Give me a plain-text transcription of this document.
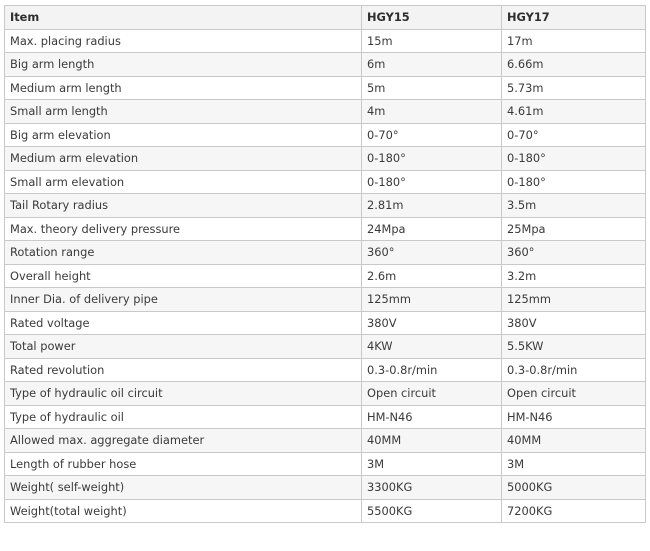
Item	HGY15	HGY17
Max. placing radius	15m	17m
Big arm length	6m	6.66m
Medium arm length	5m	5.73m
Small arm length	4m	4.61m
Big arm elevation	0-70°	0-70°
Medium arm elevation	0-180°	0-180°
Small arm elevation	0-180°	0-180°
Tail Rotary radius	2.81m	3.5m
Max. theory delivery pressure	24Mpa	25Mpa
Rotation range	360°	360°
Overall height	2.6m	3.2m
Inner Dia. of delivery pipe	125mm	125mm
Rated voltage	380V	380V
Total power	4KW	5.5KW
Rated revolution	0.3-0.8r/min	0.3-0.8r/min
Type of hydraulic oil circuit	Open circuit	Open circuit
Type of hydraulic oil	HM-N46	HM-N46
Allowed max. aggregate diameter	40MM	40MM
Length of rubber hose	3M	3M
Weight( self-weight)	3300KG	5000KG
Weight(total weight)	5500KG	7200KG
